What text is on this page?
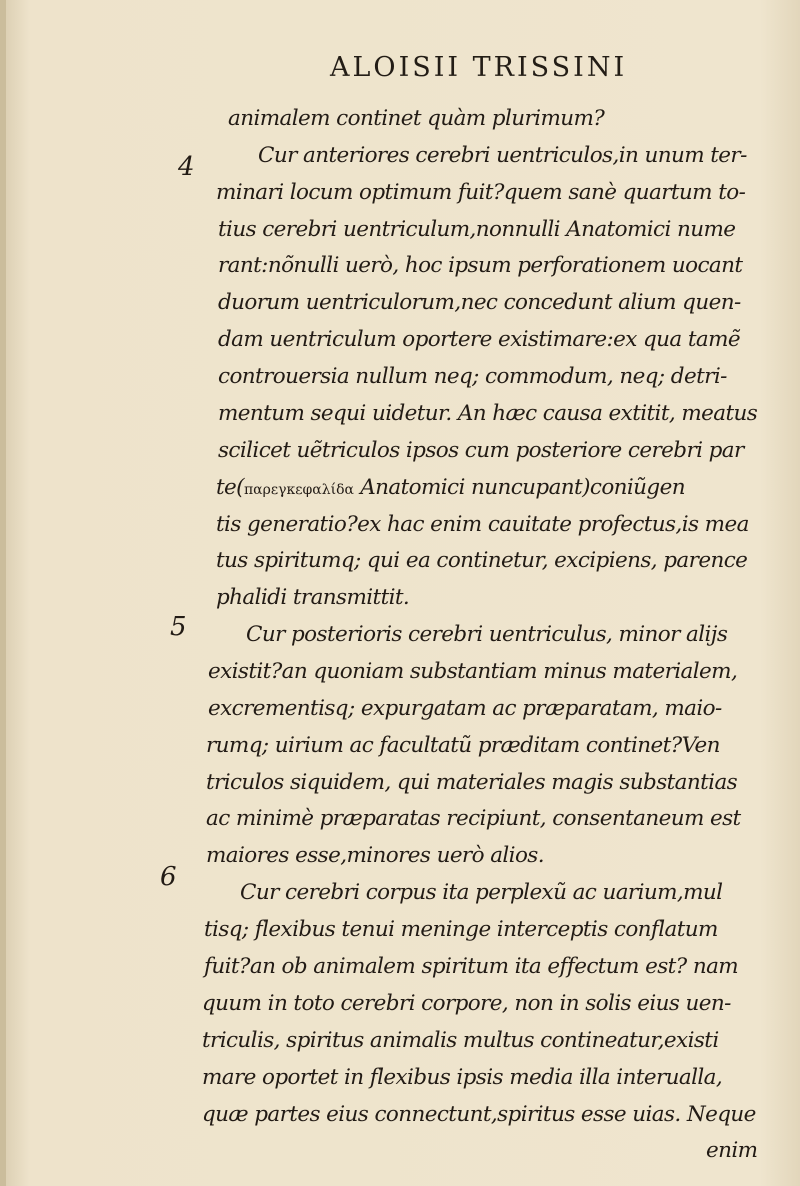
ALOISII TRISSINI
4
5
6
animalem continet quàm plurimum?
Cur anteriores cerebri uentriculos,in unum ter-
minari locum optimum fuit?quem sanè quartum to-
tius cerebri uentriculum,nonnulli Anatomici nume
rant:nõnulli uerò, hoc ipsum perforationem uocant
duorum uentriculorum,nec concedunt alium quen-
dam uentriculum oportere existimare:ex qua tamẽ
controuersia nullum neq; commodum, neq; detri-
mentum sequi uidetur. An hæc causa extitit, meatus
scilicet uẽtriculos ipsos cum posteriore cerebri par
te(παρεγκεφαλίδα Anatomici nuncupant)coniũgen
tis generatio?ex hac enim cauitate profectus,is mea
tus spiritumq; qui ea continetur, excipiens, parence
phalidi transmittit.
Cur posterioris cerebri uentriculus, minor alijs
existit?an quoniam substantiam minus materialem,
excrementisq; expurgatam ac præparatam, maio-
rumq; uirium ac facultatũ præditam continet?Ven
triculos siquidem, qui materiales magis substantias
ac minimè præparatas recipiunt, consentaneum est
maiores esse,minores uerò alios.
Cur cerebri corpus ita perplexũ ac uarium,mul
tisq; flexibus tenui meninge interceptis conflatum
fuit?an ob animalem spiritum ita effectum est? nam
quum in toto cerebri corpore, non in solis eius uen-
triculis, spiritus animalis multus contineatur,existi
mare oportet in flexibus ipsis media illa interualla,
quæ partes eius connectunt,spiritus esse uias. Neque
enim
